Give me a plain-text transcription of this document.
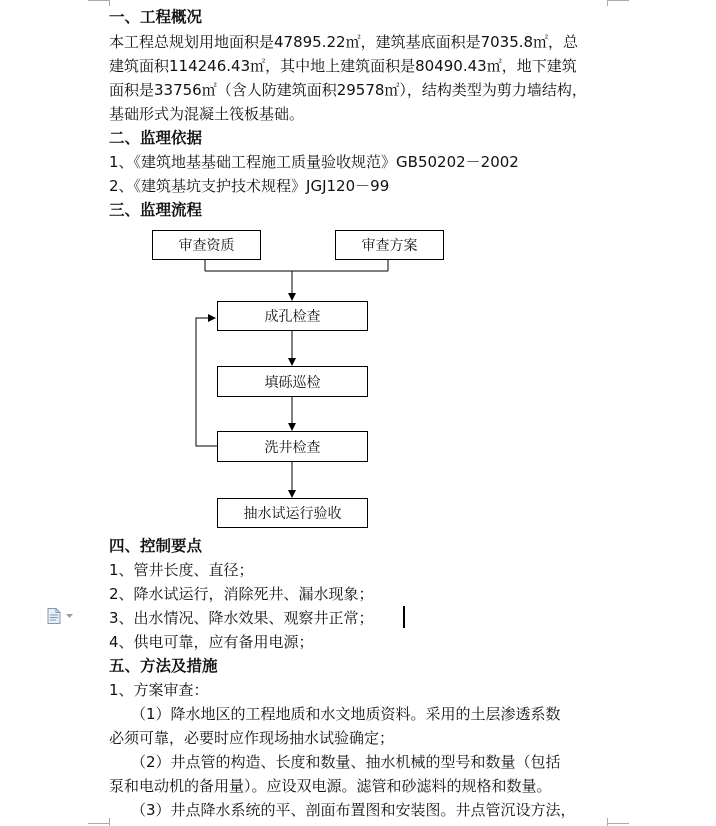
一、工程概况
本工程总规划用地面积是47895.22㎡，建筑基底面积是7035.8㎡，总
建筑面积114246.43㎡，其中地上建筑面积是80490.43㎡，地下建筑
面积是33756㎡（含人防建筑面积29578㎡），结构类型为剪力墙结构，
基础形式为混凝土筏板基础。
二、监理依据
1、《建筑地基基础工程施工质量验收规范》GB50202－2002
2、《建筑基坑支护技术规程》JGJ120－99
三、监理流程
审查资质	审查方案
成孔检查
填砾巡检
洗井检查
抽水试运行验收
四、控制要点
1、管井长度、直径；
2、降水试运行，消除死井、漏水现象；
3、出水情况、降水效果、观察井正常；
4、供电可靠，应有备用电源；
五、方法及措施
1、方案审查：
（1）降水地区的工程地质和水文地质资料。采用的土层渗透系数
必须可靠，必要时应作现场抽水试验确定；
（2）井点管的构造、长度和数量、抽水机械的型号和数量（包括
泵和电动机的备用量）。应设双电源。滤管和砂滤料的规格和数量。
（3）井点降水系统的平、剖面布置图和安装图。井点管沉设方法，
